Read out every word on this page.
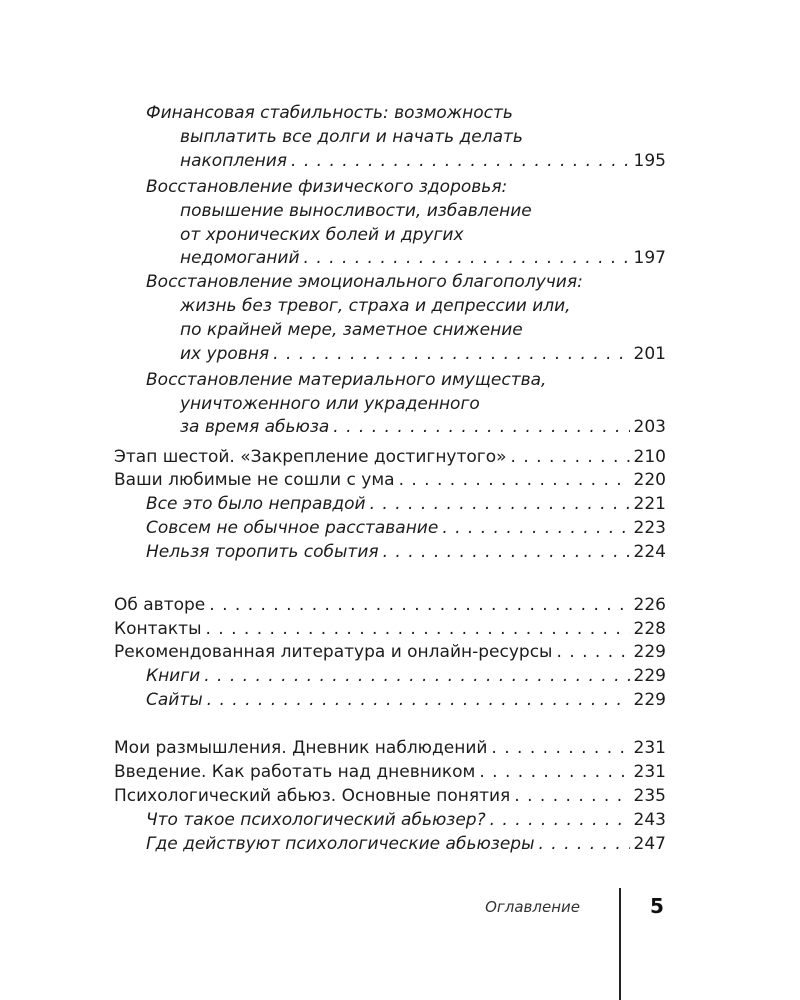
Финансовая стабильность: возможность
выплатить все долги и начать делать
накопления . . .	195
Восстановление физического здоровья:
повышение выносливости, избавление
от хронических болей и других
недомоганий . . .	197
Восстановление эмоционального благополучия:
жизнь без тревог, страха и депрессии или,
по крайней мере, заметное снижение
их уровня . . .	201
Восстановление материального имущества,
уничтоженного или украденного
за время абьюза . . .	203
Этап шестой. «Закрепление достигнутого» . . .	210
Ваши любимые не сошли с ума . . .	220
Все это было неправдой . . .	221
Совсем не обычное расставание . . .	223
Нельзя торопить события . . .	224
Об авторе . . .	226
Контакты . . .	228
Рекомендованная литература и онлайн-ресурсы . . .	229
Книги . . .	229
Сайты . . .	229
Мои размышления. Дневник наблюдений . . .	231
Введение. Как работать над дневником . . .	231
Психологический абьюз. Основные понятия . . .	235
Что такое психологический абьюзер? . . .	243
Где действуют психологические абьюзеры . . .	247
Оглавление	5
